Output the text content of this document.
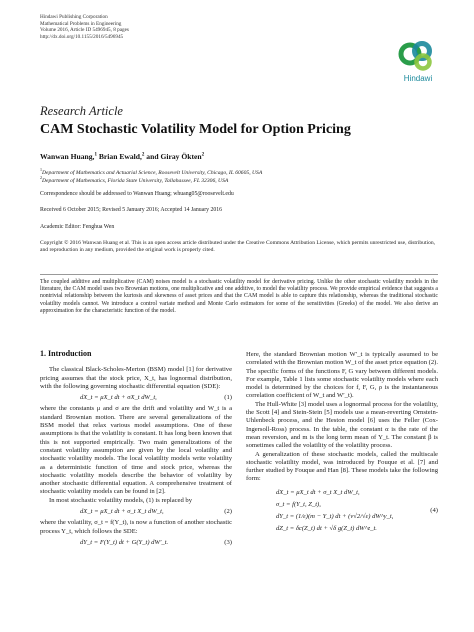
Hindawi Publishing Corporation
Mathematical Problems in Engineering
Volume 2016, Article ID 5496945, 8 pages
http://dx.doi.org/10.1155/2016/5496945
Hindawi
Research Article
CAM Stochastic Volatility Model for Option Pricing
Wanwan Huang,$^1$ Brian Ewald,$^2$ and Giray Ökten$^2$
$^1$Department of Mathematics and Actuarial Science, Roosevelt University, Chicago, IL 60605, USA
$^2$Department of Mathematics, Florida State University, Tallahassee, FL 32306, USA
Correspondence should be addressed to Wanwan Huang; whuang05@roosevelt.edu
Received 6 October 2015; Revised 5 January 2016; Accepted 14 January 2016
Academic Editor: Fenghua Wen
Copyright © 2016 Wanwan Huang et al. This is an open access article distributed under the Creative Commons Attribution License, which permits unrestricted use, distribution, and reproduction in any medium, provided the original work is properly cited.
The coupled additive and multiplicative (CAM) noises model is a stochastic volatility model for derivative pricing. Unlike the other stochastic volatility models in the literature, the CAM model uses two Brownian motions, one multiplicative and one additive, to model the volatility process. We provide empirical evidence that suggests a nontrivial relationship between the kurtosis and skewness of asset prices and that the CAM model is able to capture this relationship, whereas the traditional stochastic volatility models cannot. We introduce a control variate method and Monte Carlo estimators for some of the sensitivities (Greeks) of the model. We also derive an approximation for the characteristic function of the model.
1. Introduction

The classical Black-Scholes-Merton (BSM) model [1] for derivative pricing assumes that the stock price, X_t, has lognormal distribution, with the following governing stochastic differential equation (SDE):

dX_t = μX_t dt + σX_t dW_t,	(1)

where the constants μ and σ are the drift and volatility and W_t is a standard Brownian motion. There are several generalizations of the BSM model that relax various model assumptions. One of these assumptions is that the volatility is constant. It has long been known that this is not supported empirically. Two main generalizations of the constant volatility assumption are given by the local volatility and stochastic volatility models. The local volatility models write volatility as a deterministic function of time and stock price, whereas the stochastic volatility models describe the behavior of volatility by another stochastic differential equation. A comprehensive treatment of stochastic volatility models can be found in [2].

In most stochastic volatility models, (1) is replaced by

dX_t = μX_t dt + σ_t X_t dW_t,	(2)

where the volatility, σ_t = f(Y_t), is now a function of another stochastic process Y_t, which follows the SDE:

dY_t = F(Y_t) dt + G(Y_t) dW′_t.	(3)

Here, the standard Brownian motion W′_t is typically assumed to be correlated with the Brownian motion W_t of the asset price equation (2). The specific forms of the functions F, G vary between different models. For example, Table 1 lists some stochastic volatility models where each model is determined by the choices for f, F, G, ρ is the instantaneous correlation coefficient of W_t and W′_t).

The Hull-White [3] model uses a lognormal process for the volatility, the Scott [4] and Stein-Stein [5] models use a mean-reverting Ornstein-Uhlenbeck process, and the Heston model [6] uses the Feller (Cox-Ingersoll-Ross) process. In the table, the constant α is the rate of the mean reversion, and m is the long term mean of Y_t. The constant β is sometimes called the volatility of the volatility process.

A generalization of these stochastic models, called the multiscale stochastic volatility model, was introduced by Fouque et al. [7] and further studied by Fouque and Han [8]. These models take the following form:

dX_t = μX_t dt + σ_t X_t dW_t,
σ_t = f(Y_t, Z_t),
dY_t = (1/ε)(m − Y_t) dt + (ν√2/√ε) dW^y_t,
dZ_t = δc(Z_t) dt + √δ g(Z_t) dW^z_t.
(4)
